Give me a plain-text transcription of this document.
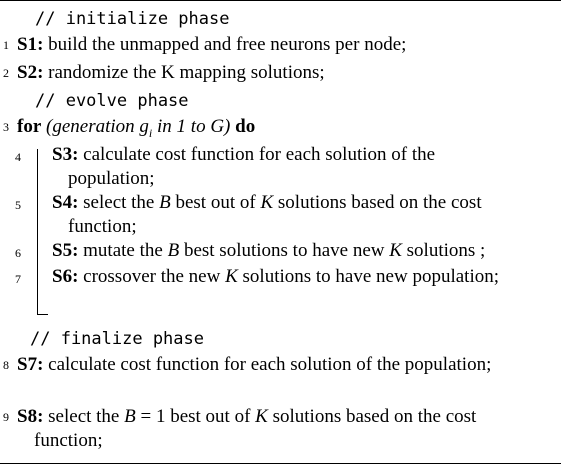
// initialize phase
1 S1: build the unmapped and free neurons per node;
2 S2: randomize the K mapping solutions;
// evolve phase
3 for (generation $g_i$ in 1 to G) do
4 S3: calculate cost function for each solution of the
population;
5 S4: select the B best out of K solutions based on the cost
function;
6 S5: mutate the B best solutions to have new K solutions ;
7 S6: crossover the new K solutions to have new population;
// finalize phase
8 S7: calculate cost function for each solution of the population;
9 S8: select the B = 1 best out of K solutions based on the cost
function;
